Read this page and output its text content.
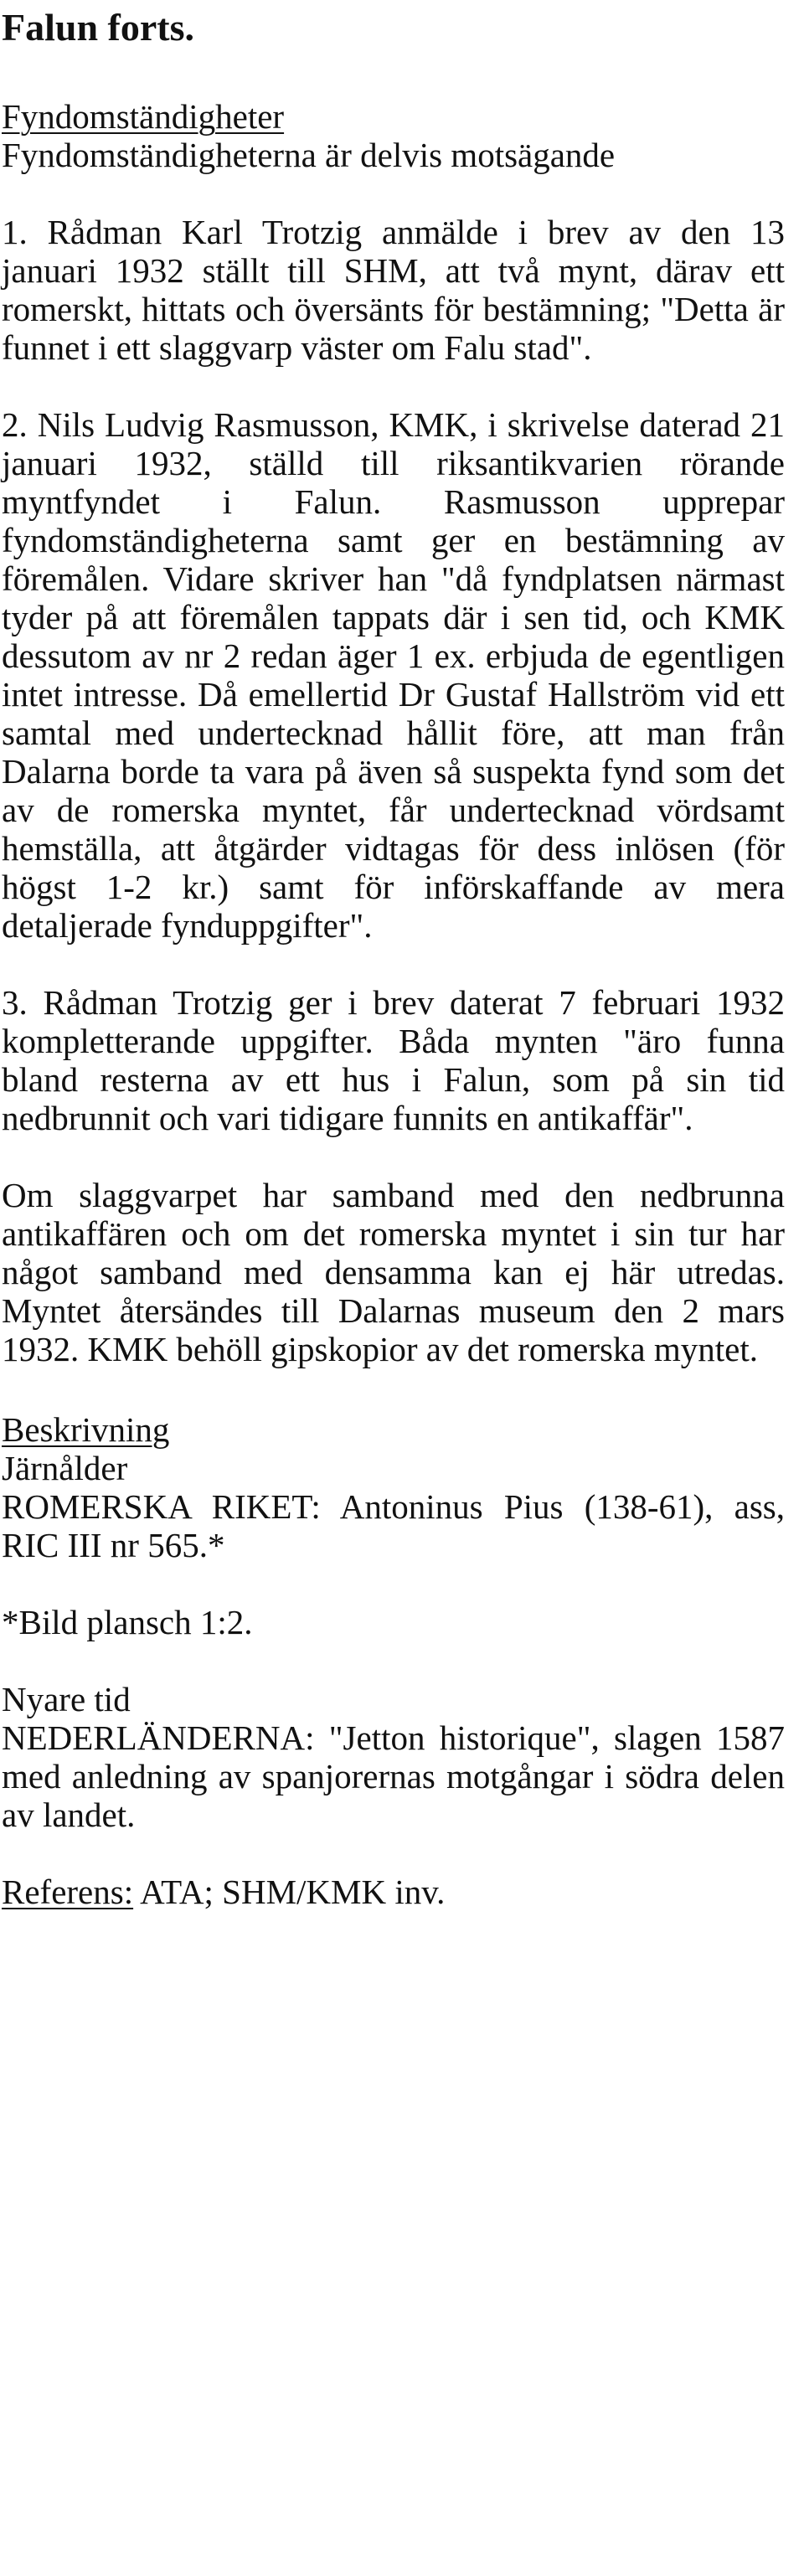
Falun forts.
Fyndomständigheter

Fyndomständigheterna är delvis motsägande

1. Rådman Karl Trotzig anmälde i brev av den 13 januari 1932 ställt till SHM, att två mynt, därav ett romerskt, hittats och översänts för bestämning; "Detta är funnet i ett slaggvarp väster om Falu stad".

2. Nils Ludvig Rasmusson, KMK, i skrivelse daterad 21 januari 1932, ställd till riksantikvarien rörande myntfyndet i Falun. Rasmusson upprepar fyndomständigheterna samt ger en bestämning av föremålen. Vidare skriver han "då fyndplatsen närmast tyder på att föremålen tappats där i sen tid, och KMK dessutom av nr 2 redan äger 1 ex. erbjuda de egentligen intet intresse. Då emellertid Dr Gustaf Hallström vid ett samtal med undertecknad hållit före, att man från Dalarna borde ta vara på även så suspekta fynd som det av de romerska myntet, får undertecknad vördsamt hemställa, att åtgärder vidtagas för dess inlösen (för högst 1-2 kr.) samt för införskaffande av mera detaljerade fynduppgifter".

3. Rådman Trotzig ger i brev daterat 7 februari 1932 kompletterande uppgifter. Båda mynten "äro funna bland resterna av ett hus i Falun, som på sin tid nedbrunnit och vari tidigare funnits en antikaffär".

Om slaggvarpet har samband med den nedbrunna antikaffären och om det romerska myntet i sin tur har något samband med densamma kan ej här utredas. Myntet återsändes till Dalarnas museum den 2 mars 1932. KMK behöll gipskopior av det romerska myntet.

Beskrivning

Järnålder

ROMERSKA RIKET: Antoninus Pius (138-61), ass, RIC III nr 565.*

*Bild plansch 1:2.

Nyare tid

NEDERLÄNDERNA: "Jetton historique", slagen 1587 med anledning av spanjorernas motgångar i södra delen av landet.

Referens: ATA; SHM/KMK inv.
